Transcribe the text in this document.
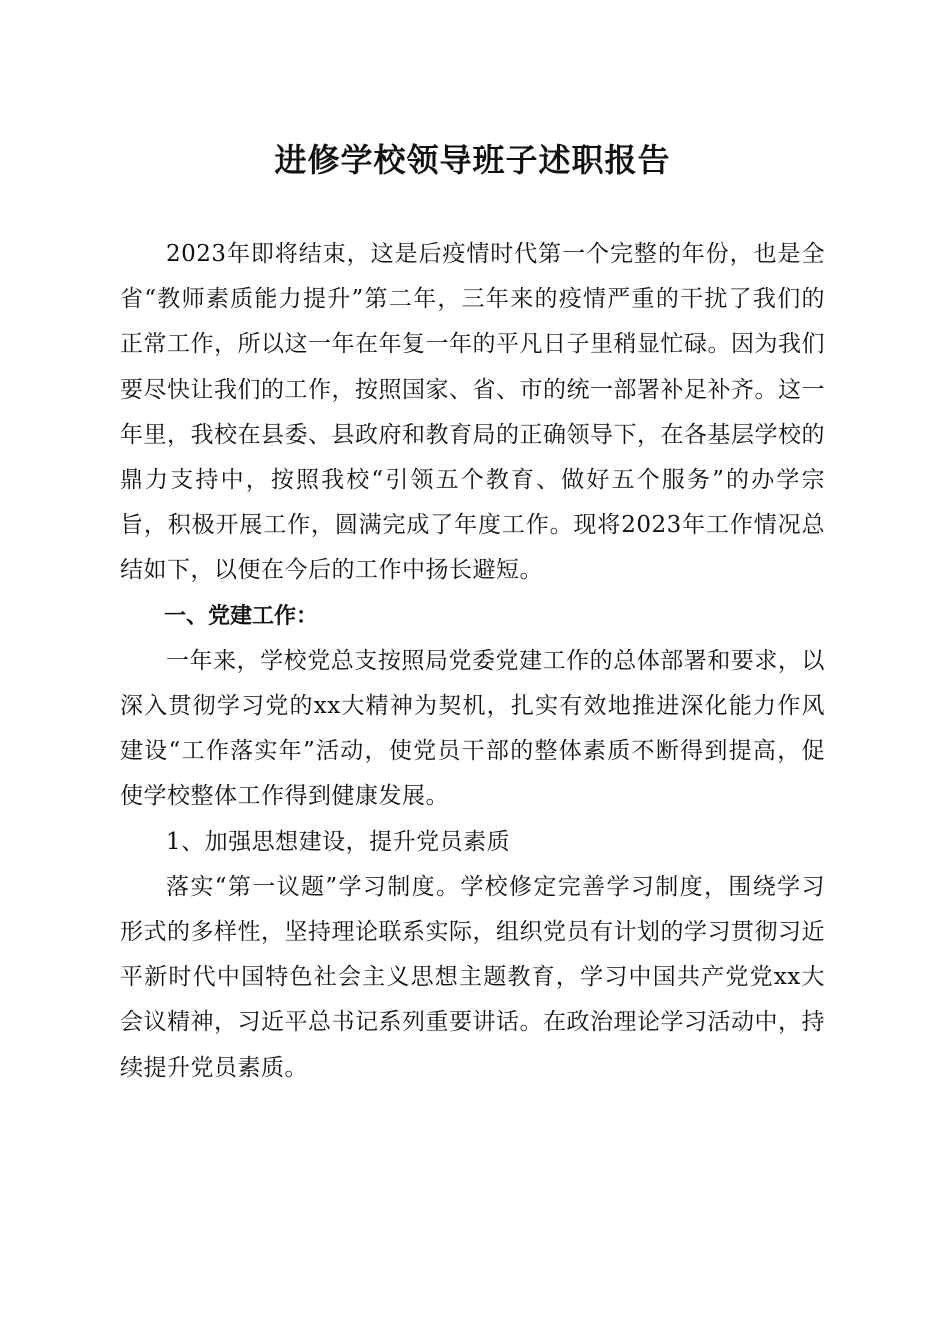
进修学校领导班子述职报告

2023年即将结束，这是后疫情时代第一个完整的年份，也是全省“教师素质能力提升”第二年，三年来的疫情严重的干扰了我们的正常工作，所以这一年在年复一年的平凡日子里稍显忙碌。因为我们要尽快让我们的工作，按照国家、省、市的统一部署补足补齐。这一年里，我校在县委、县政府和教育局的正确领导下，在各基层学校的鼎力支持中，按照我校“引领五个教育、做好五个服务”的办学宗旨，积极开展工作，圆满完成了年度工作。现将2023年工作情况总结如下，以便在今后的工作中扬长避短。

一、党建工作：

一年来，学校党总支按照局党委党建工作的总体部署和要求，以深入贯彻学习党的xx大精神为契机，扎实有效地推进深化能力作风建设“工作落实年”活动，使党员干部的整体素质不断得到提高，促使学校整体工作得到健康发展。

1、加强思想建设，提升党员素质

落实“第一议题”学习制度。学校修定完善学习制度，围绕学习形式的多样性，坚持理论联系实际，组织党员有计划的学习贯彻习近平新时代中国特色社会主义思想主题教育，学习中国共产党党xx大会议精神，习近平总书记系列重要讲话。在政治理论学习活动中，持续提升党员素质。
